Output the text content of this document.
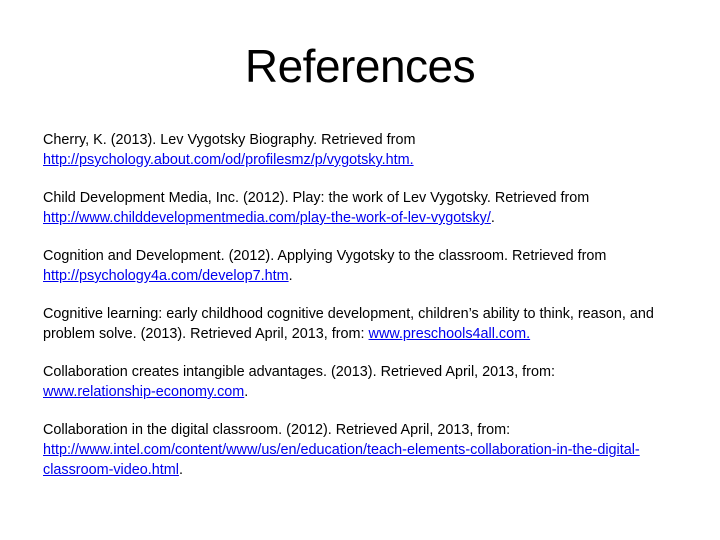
References

Cherry, K. (2013). Lev Vygotsky Biography. Retrieved from
http://psychology.about.com/od/profilesmz/p/vygotsky.htm.

Child Development Media, Inc. (2012). Play: the work of Lev Vygotsky. Retrieved from
http://www.childdevelopmentmedia.com/play-the-work-of-lev-vygotsky/.

Cognition and Development. (2012). Applying Vygotsky to the classroom. Retrieved from
http://psychology4a.com/develop7.htm.

Cognitive learning: early childhood cognitive development, children’s ability to think, reason, and problem solve. (2013). Retrieved April, 2013, from: www.preschools4all.com.

Collaboration creates intangible advantages. (2013). Retrieved April, 2013, from:
www.relationship-economy.com.

Collaboration in the digital classroom. (2012). Retrieved April, 2013, from:
http://www.intel.com/content/www/us/en/education/teach-elements-collaboration-in-the-digital-classroom-video.html.
